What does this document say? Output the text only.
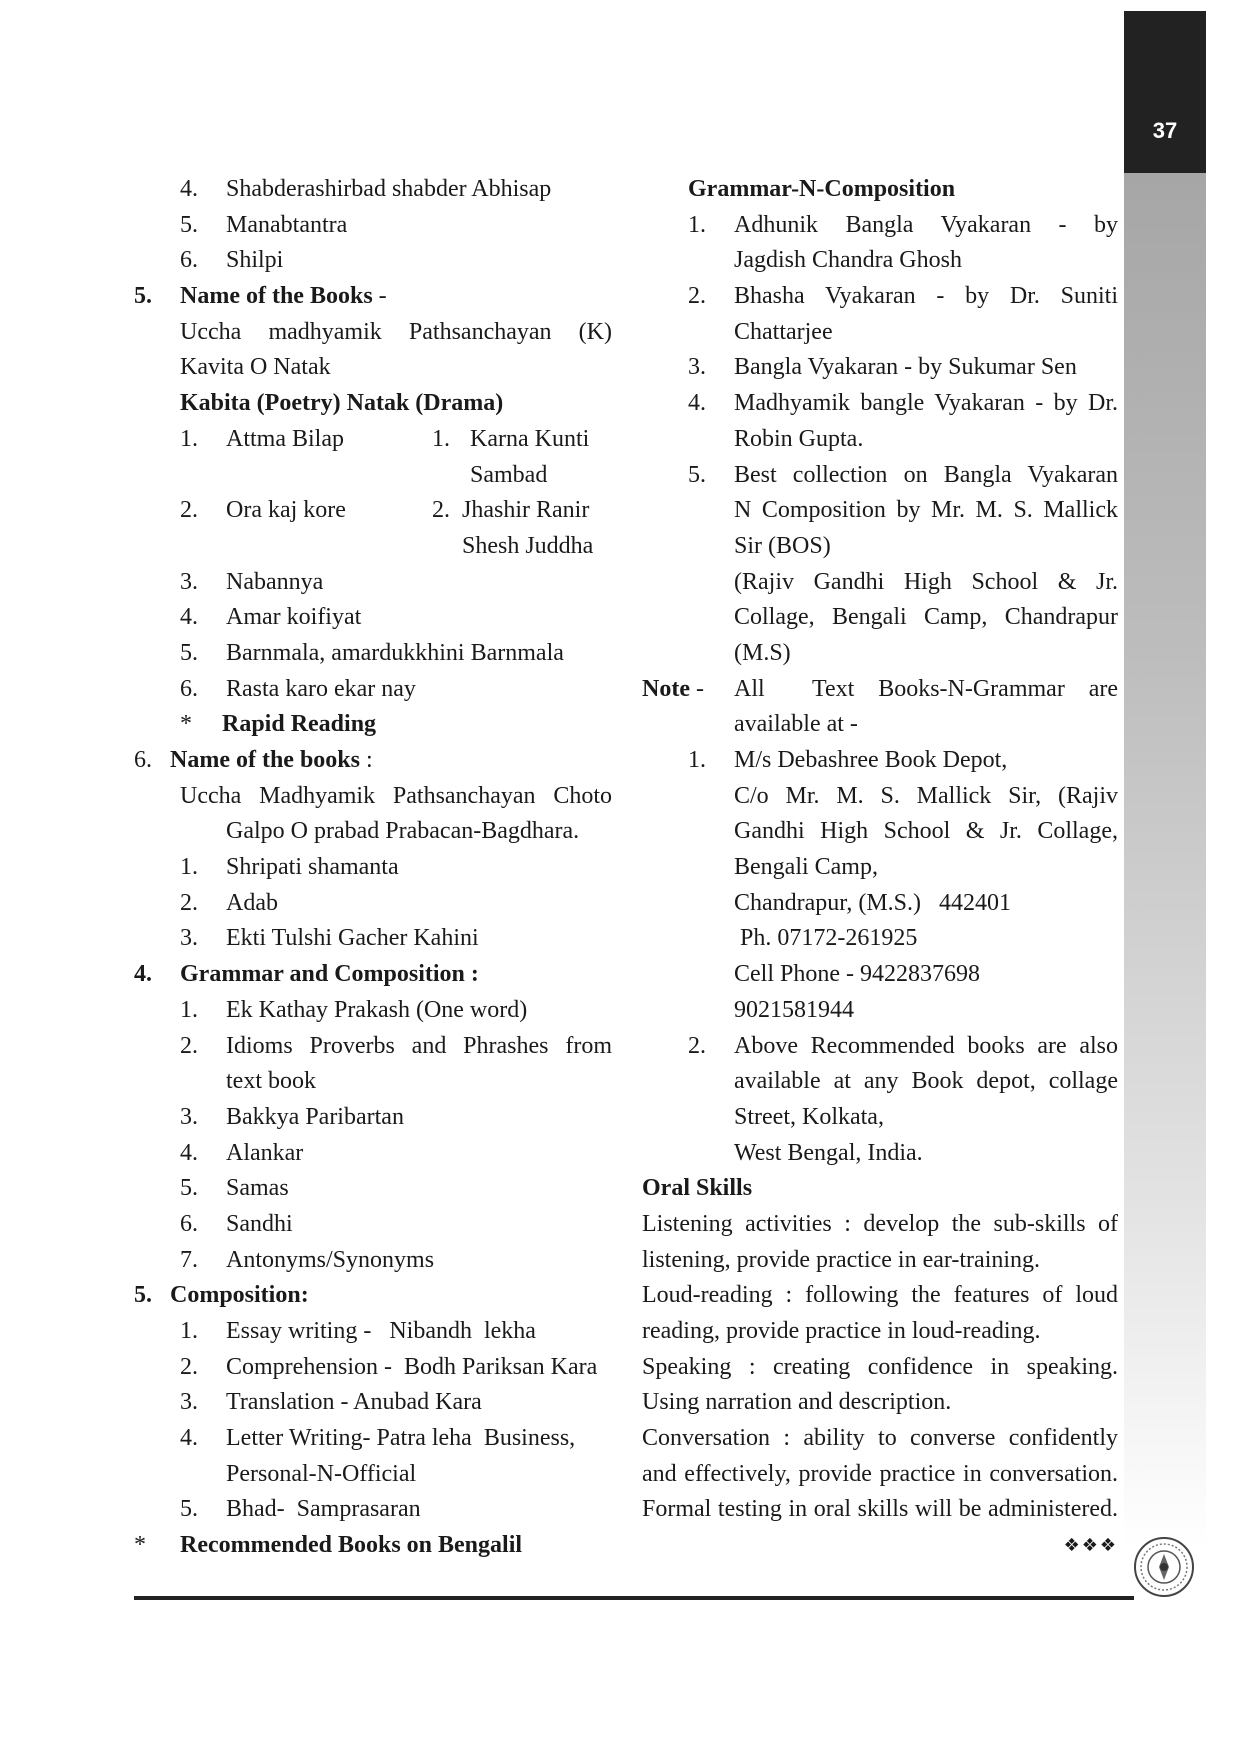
37
4. Shabderashirbad shabder Abhisap
5. Manabtantra
6. Shilpi
5. Name of the Books -
Uccha madhyamik Pathsanchayan (K)
Kavita O Natak
Kabita (Poetry) Natak (Drama)
1. Attma Bilap	1. Karna Kunti
Sambad
2. Ora kaj kore	2. Jhashir Ranir
Shesh Juddha
3. Nabannya
4. Amar koifiyat
5. Barnmala, amardukkhini Barnmala
6. Rasta karo ekar nay
* Rapid Reading
6. Name of the books :
Uccha Madhyamik Pathsanchayan Choto
Galpo O prabad Prabacan-Bagdhara.
1. Shripati shamanta
2. Adab
3. Ekti Tulshi Gacher Kahini
4. Grammar and Composition :
1. Ek Kathay Prakash (One word)
2. Idioms Proverbs and Phrashes from
text book
3. Bakkya Paribartan
4. Alankar
5. Samas
6. Sandhi
7. Antonyms/Synonyms
5. Composition:
1. Essay writing -   Nibandh  lekha
2. Comprehension -  Bodh Pariksan Kara
3. Translation - Anubad Kara
4. Letter Writing- Patra leha  Business,
Personal-N-Official
5. Bhad-  Samprasaran
* Recommended Books on Bengalil
Grammar-N-Composition
1. Adhunik Bangla Vyakaran - by
Jagdish Chandra Ghosh
2. Bhasha Vyakaran - by Dr. Suniti
Chattarjee
3. Bangla Vyakaran - by Sukumar Sen
4. Madhyamik bangle Vyakaran - by Dr.
Robin Gupta.
5. Best collection on Bangla Vyakaran
N Composition by Mr. M. S. Mallick
Sir (BOS)
(Rajiv Gandhi High School & Jr.
Collage, Bengali Camp, Chandrapur
(M.S)
Note - All  Text Books-N-Grammar are
available at -
1. M/s Debashree Book Depot,
C/o Mr. M. S. Mallick Sir, (Rajiv
Gandhi High School & Jr. Collage,
Bengali Camp,
Chandrapur, (M.S.)   442401
Ph. 07172-261925
Cell Phone - 9422837698
9021581944
2. Above Recommended books are also
available at any Book depot, collage
Street, Kolkata,
West Bengal, India.
Oral Skills
Listening activities : develop the sub-skills of
listening, provide practice in ear-training.
Loud-reading : following the features of loud
reading, provide practice in loud-reading.
Speaking : creating confidence in speaking.
Using narration and description.
Conversation : ability to converse confidently
and effectively, provide practice in conversation.
Formal testing in oral skills will be administered.
❖❖❖
